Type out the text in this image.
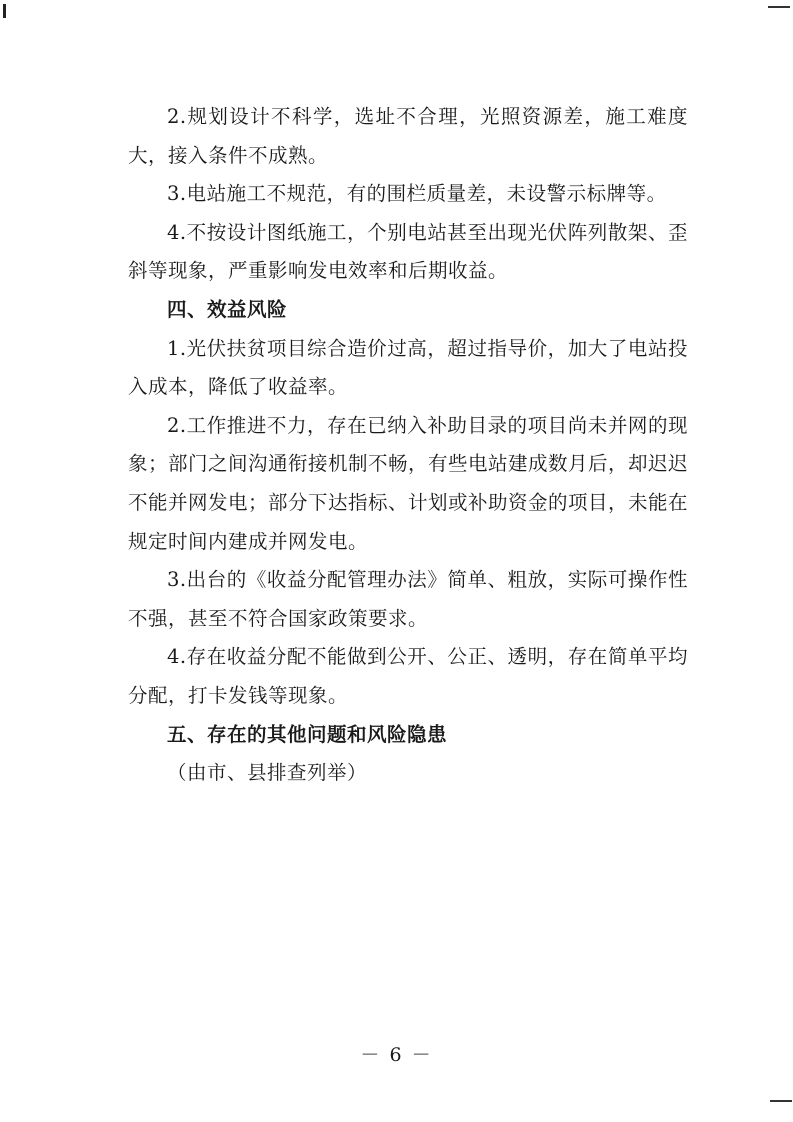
2.规划设计不科学，选址不合理，光照资源差，施工难度大，接入条件不成熟。

3.电站施工不规范，有的围栏质量差，未设警示标牌等。

4.不按设计图纸施工，个别电站甚至出现光伏阵列散架、歪斜等现象，严重影响发电效率和后期收益。

四、效益风险

1.光伏扶贫项目综合造价过高，超过指导价，加大了电站投入成本，降低了收益率。

2.工作推进不力，存在已纳入补助目录的项目尚未并网的现象；部门之间沟通衔接机制不畅，有些电站建成数月后，却迟迟不能并网发电；部分下达指标、计划或补助资金的项目，未能在规定时间内建成并网发电。

3.出台的《收益分配管理办法》简单、粗放，实际可操作性不强，甚至不符合国家政策要求。

4.存在收益分配不能做到公开、公正、透明，存在简单平均分配，打卡发钱等现象。

五、存在的其他问题和风险隐患

（由市、县排查列举）

－ 6 －
